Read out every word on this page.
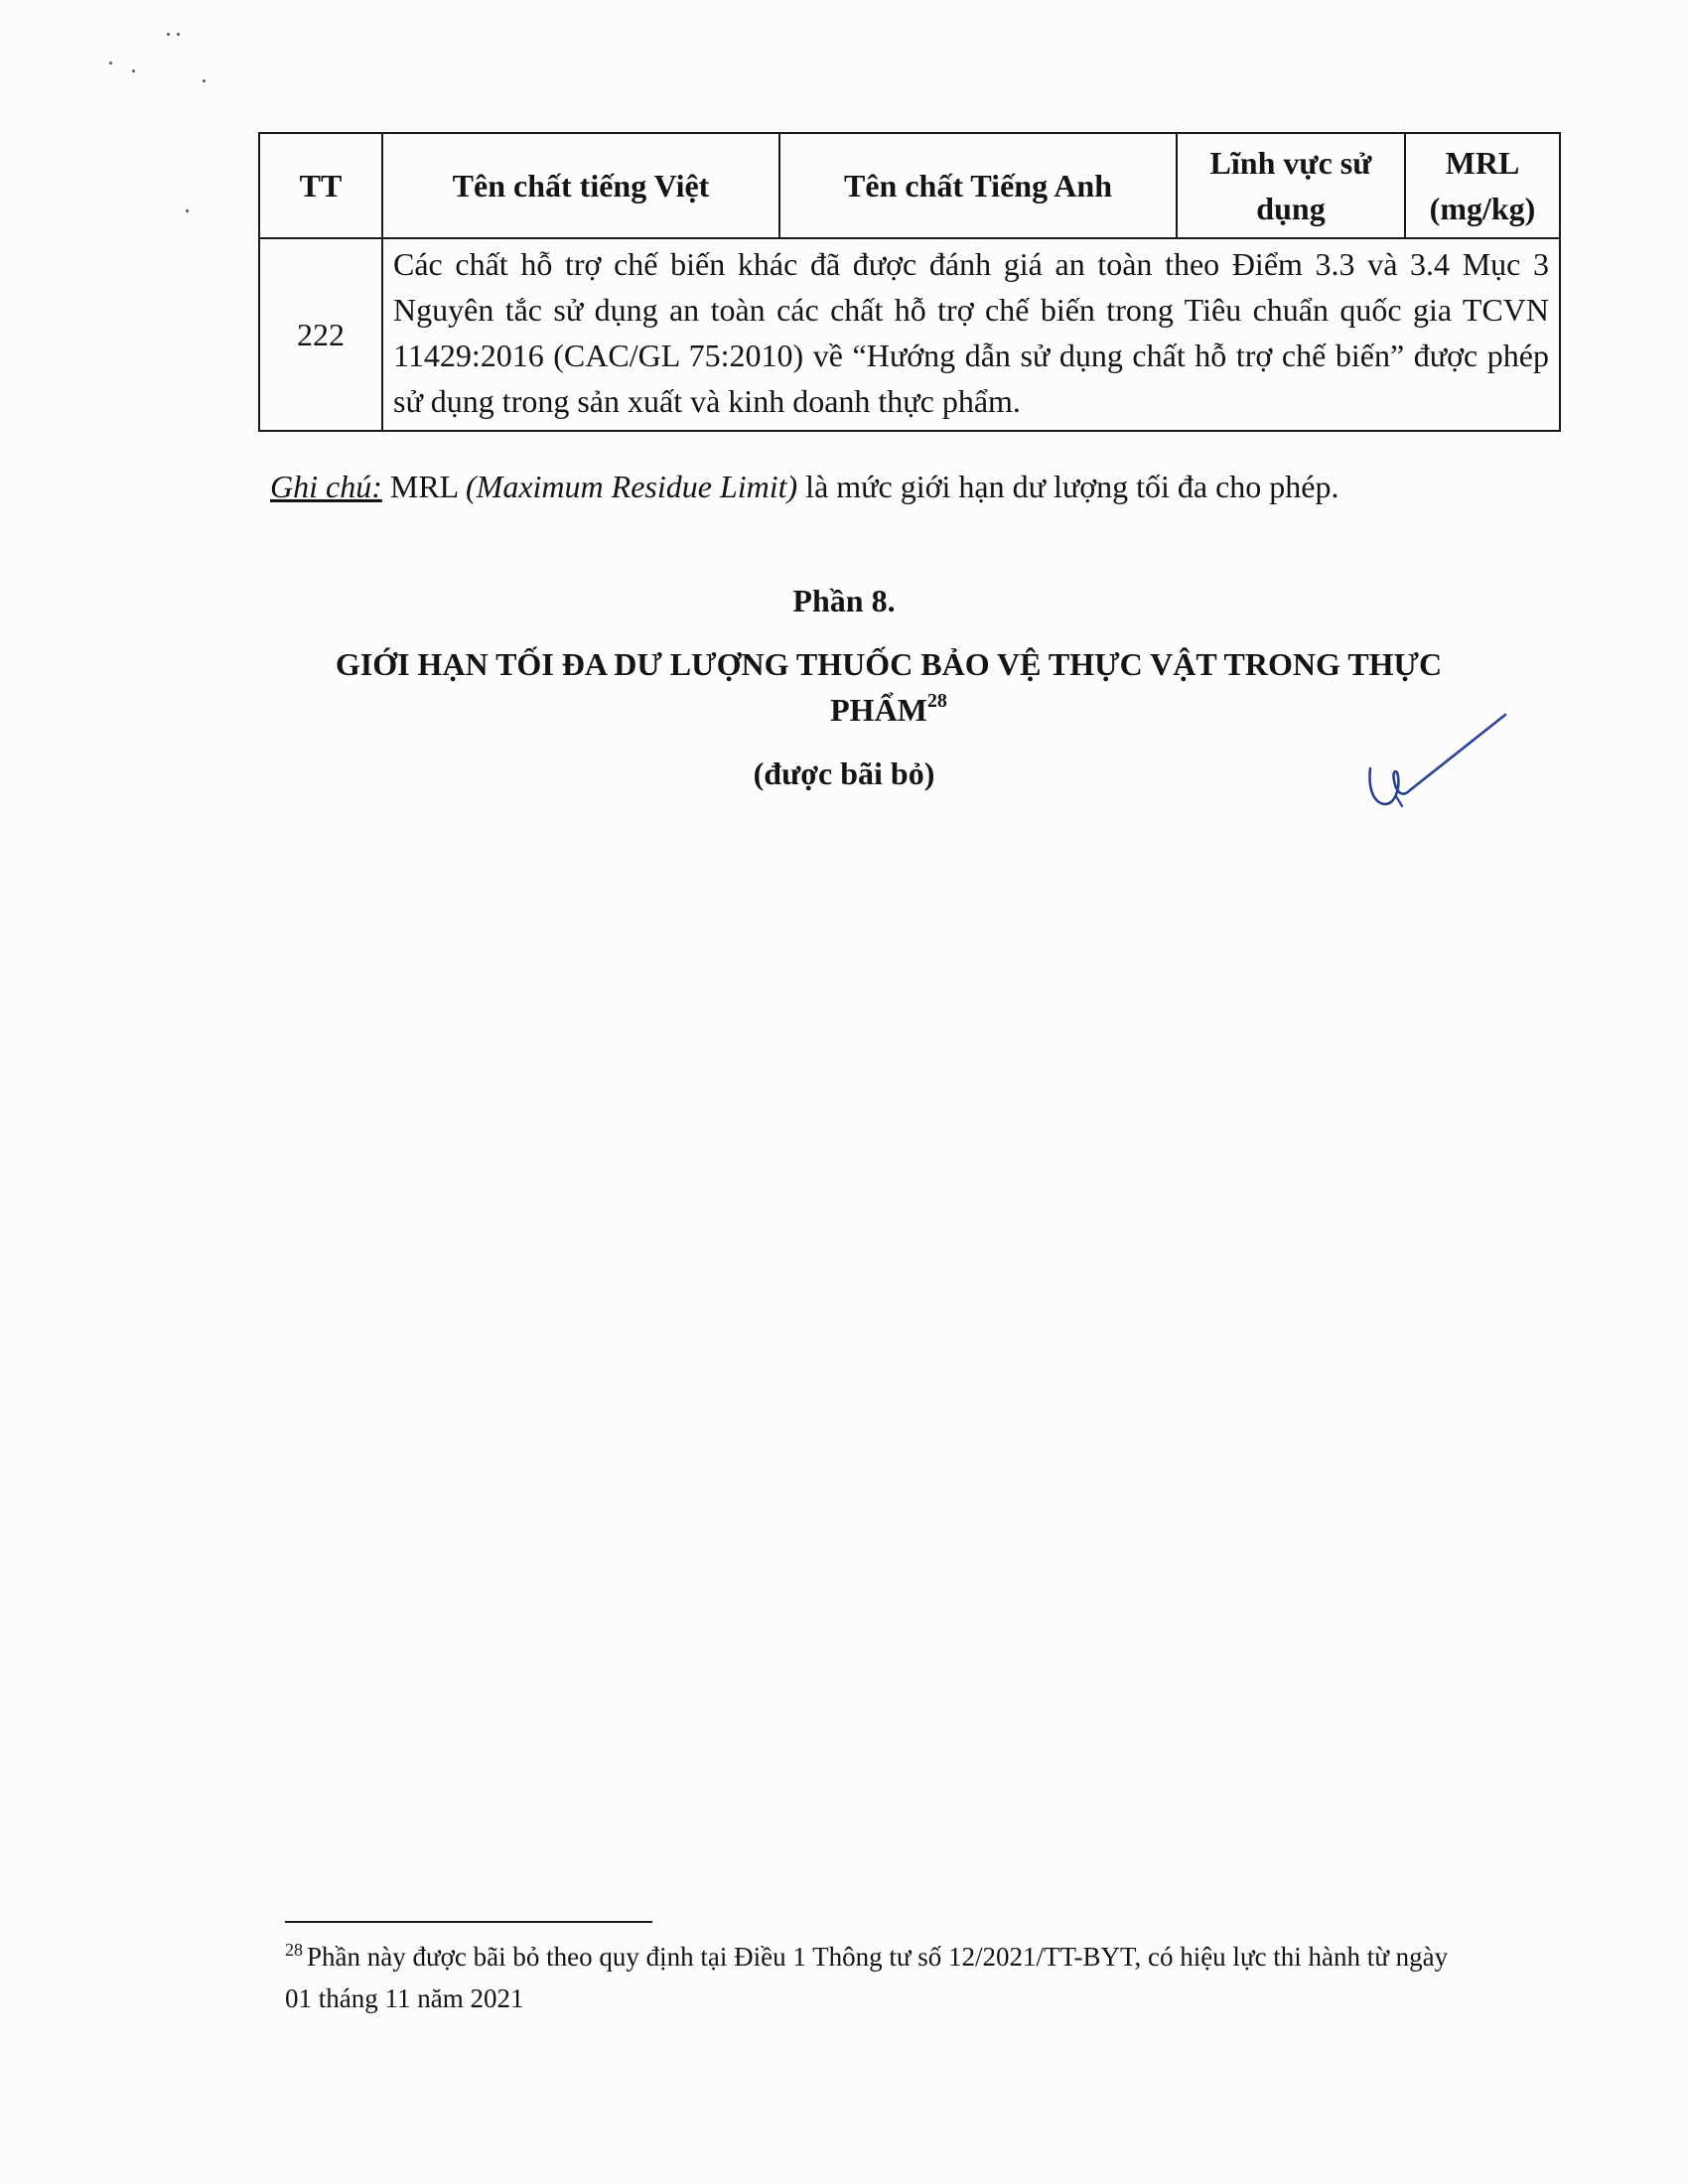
TT	Tên chất tiếng Việt	Tên chất Tiếng Anh	Lĩnh vực sử dụng	MRL (mg/kg)
222	Các chất hỗ trợ chế biến khác đã được đánh giá an toàn theo Điểm 3.3 và 3.4 Mục 3 Nguyên tắc sử dụng an toàn các chất hỗ trợ chế biến trong Tiêu chuẩn quốc gia TCVN 11429:2016 (CAC/GL 75:2010) về “Hướng dẫn sử dụng chất hỗ trợ chế biến” được phép sử dụng trong sản xuất và kinh doanh thực phẩm.			
Ghi chú: MRL (Maximum Residue Limit) là mức giới hạn dư lượng tối đa cho phép.
Phần 8.
GIỚI HẠN TỐI ĐA DƯ LƯỢNG THUỐC BẢO VỆ THỰC VẬT TRONG THỰC PHẨM$^{28}$
(được bãi bỏ)
$^{28}$ Phần này được bãi bỏ theo quy định tại Điều 1 Thông tư số 12/2021/TT-BYT, có hiệu lực thi hành từ ngày 01 tháng 11 năm 2021
